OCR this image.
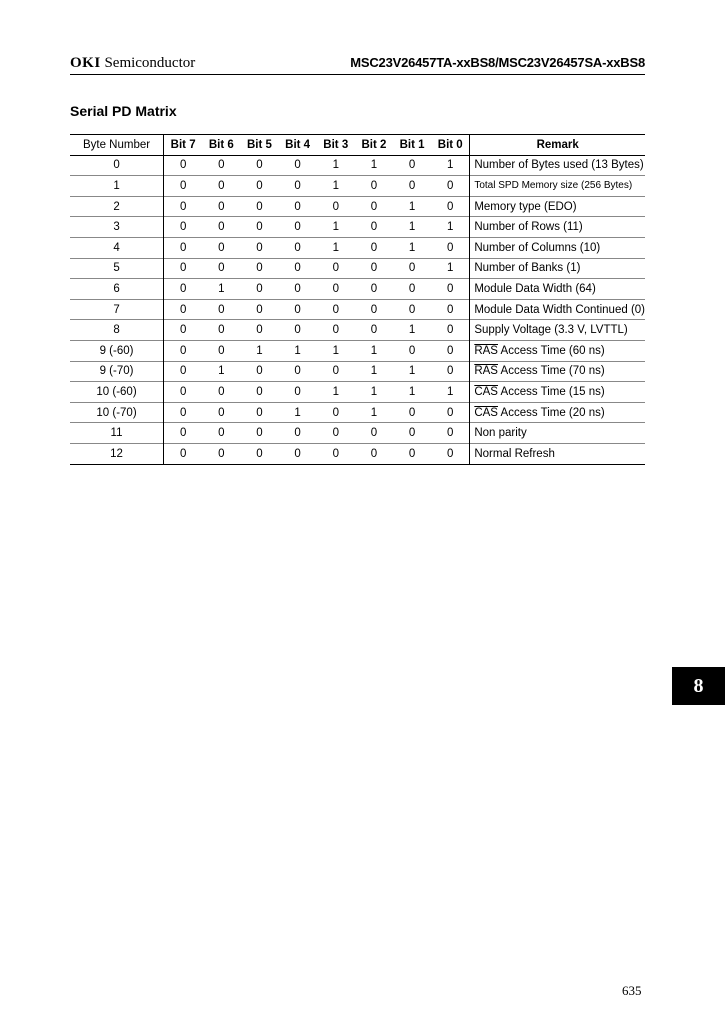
OKI Semiconductor	MSC23V26457TA-xxBS8/MSC23V26457SA-xxBS8
Serial PD Matrix
Byte Number	Bit 7	Bit 6	Bit 5	Bit 4	Bit 3	Bit 2	Bit 1	Bit 0	Remark
0	0	0	0	0	1	1	0	1	Number of Bytes used (13 Bytes)
1	0	0	0	0	1	0	0	0	Total SPD Memory size (256 Bytes)
2	0	0	0	0	0	0	1	0	Memory type (EDO)
3	0	0	0	0	1	0	1	1	Number of Rows (11)
4	0	0	0	0	1	0	1	0	Number of Columns (10)
5	0	0	0	0	0	0	0	1	Number of Banks (1)
6	0	1	0	0	0	0	0	0	Module Data Width (64)
7	0	0	0	0	0	0	0	0	Module Data Width Continued (0)
8	0	0	0	0	0	0	1	0	Supply Voltage (3.3 V, LVTTL)
9 (-60)	0	0	1	1	1	1	0	0	$\overline{RAS}$ Access Time (60 ns)
9 (-70)	0	1	0	0	0	1	1	0	$\overline{RAS}$ Access Time (70 ns)
10 (-60)	0	0	0	0	1	1	1	1	$\overline{CAS}$ Access Time (15 ns)
10 (-70)	0	0	0	1	0	1	0	0	$\overline{CAS}$ Access Time (20 ns)
11	0	0	0	0	0	0	0	0	Non parity
12	0	0	0	0	0	0	0	0	Normal Refresh
8
635
